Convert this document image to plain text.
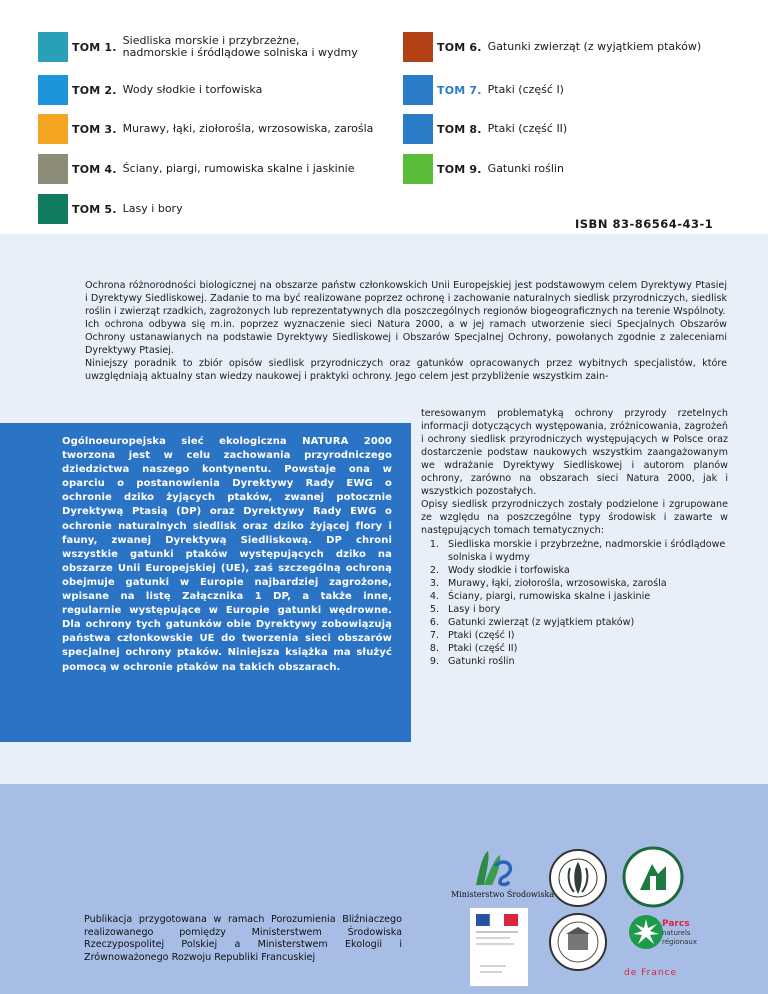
TOM 1. Siedliska morskie i przybrzeżne,
nadmorskie i śródlądowe solniska i wydmy
TOM 2. Wody słodkie i torfowiska
TOM 3. Murawy, łąki, ziołorośla, wrzosowiska, zarośla
TOM 4. Ściany, piargi, rumowiska skalne i jaskinie
TOM 5. Lasy i bory
TOM 6. Gatunki zwierząt (z wyjątkiem ptaków)
TOM 7. Ptaki (część I)
TOM 8. Ptaki (część II)
TOM 9. Gatunki roślin
ISBN 83-86564-43-1

Ochrona różnorodności biologicznej na obszarze państw członkowskich Unii Europejskiej jest podstawowym celem Dyrektywy Ptasiej i Dyrektywy Siedliskowej. Zadanie to ma być realizowane poprzez ochronę i zachowanie naturalnych siedlisk przyrodniczych, siedlisk roślin i zwierząt rzadkich, zagrożonych lub reprezentatywnych dla poszczególnych regionów biogeograficznych na terenie Wspólnoty.

Ich ochrona odbywa się m.in. poprzez wyznaczenie sieci Natura 2000, a w jej ramach utworzenie sieci Specjalnych Obszarów Ochrony ustanawianych na podstawie Dyrektywy Siedliskowej i Obszarów Specjalnej Ochrony, powołanych zgodnie z zaleceniami Dyrektywy Ptasiej.

Niniejszy poradnik to zbiór opisów siedlisk przyrodniczych oraz gatunków opracowanych przez wybitnych specjalistów, które uwzględniają aktualny stan wiedzy naukowej i praktyki ochrony. Jego celem jest przybliżenie wszystkim zain-

Ogólnoeuropejska sieć ekologiczna NATURA 2000 tworzona jest w celu zachowania przyrodniczego dziedzictwa naszego kontynentu. Powstaje ona w oparciu o postanowienia Dyrektywy Rady EWG o ochronie dziko żyjących ptaków, zwanej potocznie Dyrektywą Ptasią (DP) oraz Dyrektywy Rady EWG o ochronie naturalnych siedlisk oraz dziko żyjącej flory i fauny, zwanej Dyrektywą Siedliskową. DP chroni wszystkie gatunki ptaków występujących dziko na obszarze Unii Europejskiej (UE), zaś szczególną ochroną obejmuje gatunki w Europie najbardziej zagrożone, wpisane na listę Załącznika 1 DP, a także inne, regularnie występujące w Europie gatunki wędrowne. Dla ochrony tych gatunków obie Dyrektywy zobowiązują państwa członkowskie UE do tworzenia sieci obszarów specjalnej ochrony ptaków. Niniejsza książka ma służyć pomocą w ochronie ptaków na takich obszarach.

teresowanym problematyką ochrony przyrody rzetelnych informacji dotyczących występowania, zróżnicowania, zagrożeń i ochrony siedlisk przyrodniczych występujących w Polsce oraz dostarczenie podstaw naukowych wszystkim zaangażowanym we wdrażanie Dyrektywy Siedliskowej i autorom planów ochrony, zarówno na obszarach sieci Natura 2000, jak i wszystkich pozostałych.

Opisy siedlisk przyrodniczych zostały podzielone i zgrupowane ze względu na poszczególne typy środowisk i zawarte w następujących tomach tematycznych:

1. Siedliska morskie i przybrzeżne, nadmorskie i śródlądowe solniska i wydmy
2. Wody słodkie i torfowiska
3. Murawy, łąki, ziołorośla, wrzosowiska, zarośla
4. Ściany, piargi, rumowiska skalne i jaskinie
5. Lasy i bory
6. Gatunki zwierząt (z wyjątkiem ptaków)
7. Ptaki (część I)
8. Ptaki (część II)
9. Gatunki roślin
Publikacja przygotowana w ramach Porozumienia Bliźniaczego realizowanego pomiędzy Ministerstwem Środowiska Rzeczypospolitej Polskiej a Ministerstwem Ekologii i Zrównoważonego Rozwoju Republiki Francuskiej
Ministerstwo Środowiska
Parcs
naturels
régionaux
de France
